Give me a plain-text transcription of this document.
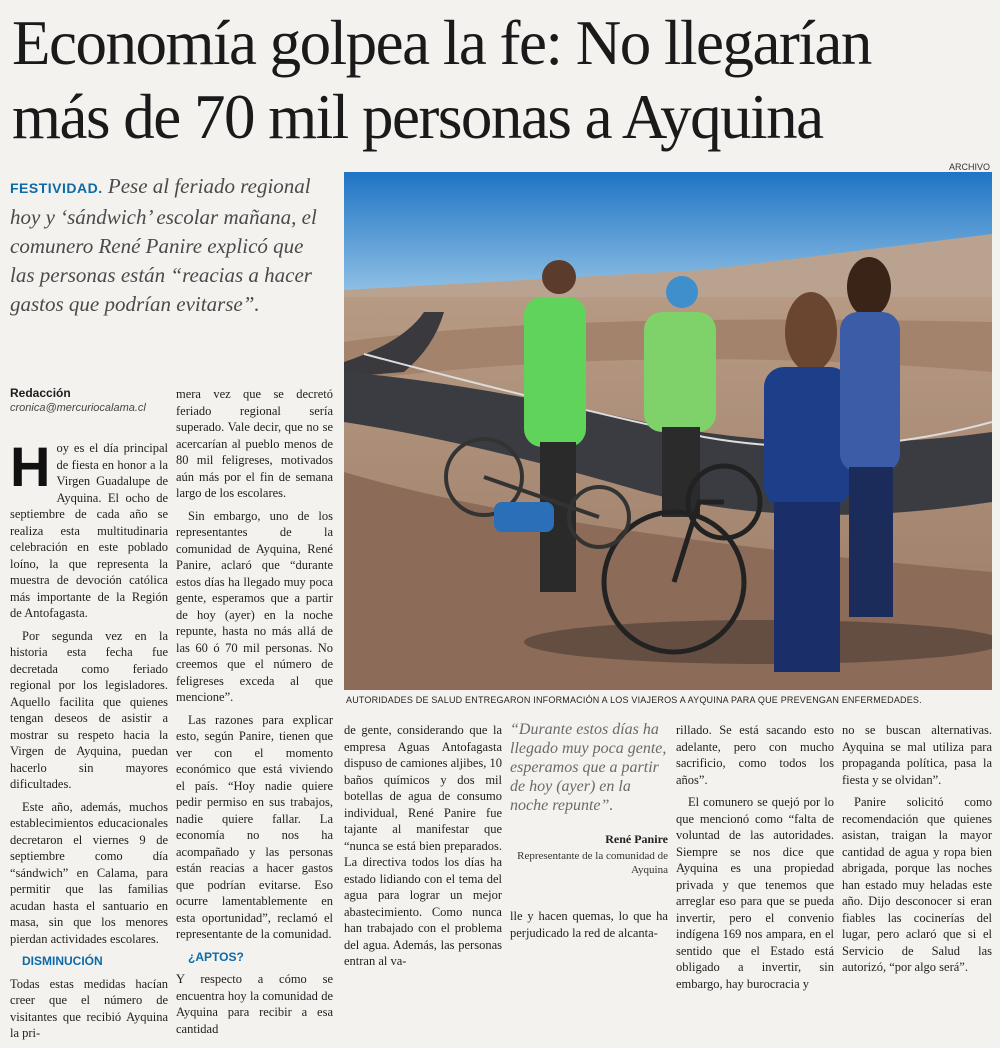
Economía golpea la fe: No llegarían
más de 70 mil personas a Ayquina
ARCHIVO
FESTIVIDAD. Pese al feriado regional hoy y ‘sándwich’ escolar mañana, el comunero René Panire explicó que las personas están “reacias a hacer gastos que podrían evitarse”.
Redacción
cronica@mercuriocalama.cl

Hoy es el día principal de fiesta en honor a la Virgen Guadalupe de Ayquina. El ocho de septiembre de cada año se realiza esta multitudinaria celebración en este poblado loíno, la que representa la muestra de devoción católica más importante de la Región de Antofagasta.

Por segunda vez en la historia esta fecha fue decretada como feriado regional por los legisladores. Aquello facilita que quienes tengan deseos de asistir a mostrar su respeto hacia la Virgen de Ayquina, puedan hacerlo sin mayores dificultades.

Este año, además, muchos establecimientos educacionales decretaron el viernes 9 de septiembre como día “sándwich” en Calama, para permitir que las familias acudan hasta el santuario en masa, sin que los menores pierdan actividades escolares.

DISMINUCIÓN

Todas estas medidas hacían creer que el número de visitantes que recibió Ayquina la pri-

mera vez que se decretó feriado regional sería superado. Vale decir, que no se acercarían al pueblo menos de 80 mil feligreses, motivados aún más por el fin de semana largo de los escolares.

Sin embargo, uno de los representantes de la comunidad de Ayquina, René Panire, aclaró que “durante estos días ha llegado muy poca gente, esperamos que a partir de hoy (ayer) en la noche repunte, hasta no más allá de las 60 ó 70 mil personas. No creemos que el número de feligreses exceda al que mencione”.

Las razones para explicar esto, según Panire, tienen que ver con el momento económico que está viviendo el país. “Hoy nadie quiere pedir permiso en sus trabajos, nadie quiere fallar. La economía no nos ha acompañado y las personas están reacias a hacer gastos que podrían evitarse. Eso ocurre lamentablemente en esta oportunidad”, reclamó el representante de la comunidad.

¿APTOS?

Y respecto a cómo se encuentra hoy la comunidad de Ayquina para recibir a esa cantidad

AUTORIDADES DE SALUD ENTREGARON INFORMACIÓN A LOS VIAJEROS A AYQUINA PARA QUE PREVENGAN ENFERMEDADES.

de gente, considerando que la empresa Aguas Antofagasta dispuso de camiones aljibes, 10 baños químicos y dos mil botellas de agua de consumo individual, René Panire fue tajante al manifestar que “nunca se está bien preparados. La directiva todos los días ha estado lidiando con el tema del agua para lograr un mejor abastecimiento. Como nunca han trabajado con el problema del agua. Además, las personas entran al va-

“Durante estos días ha llegado muy poca gente, esperamos que a partir de hoy (ayer) en la noche repunte”.
René Panire
Representante de la comunidad de Ayquina

lle y hacen quemas, lo que ha perjudicado la red de alcanta-

rillado. Se está sacando esto adelante, pero con mucho sacrificio, como todos los años”.

El comunero se quejó por lo que mencionó como “falta de voluntad de las autoridades. Siempre se nos dice que Ayquina es una propiedad privada y que tenemos que arreglar eso para que se pueda invertir, pero el convenio indígena 169 nos ampara, en el sentido que el Estado está obligado a invertir, sin embargo, hay burocracia y

no se buscan alternativas. Ayquina se mal utiliza para propaganda política, pasa la fiesta y se olvidan”.

Panire solicitó como recomendación que quienes asistan, traigan la mayor cantidad de agua y ropa bien abrigada, porque las noches han estado muy heladas este año. Dijo desconocer si eran fiables las cocinerías del lugar, pero aclaró que si el Servicio de Salud las autorizó, “por algo será”.
